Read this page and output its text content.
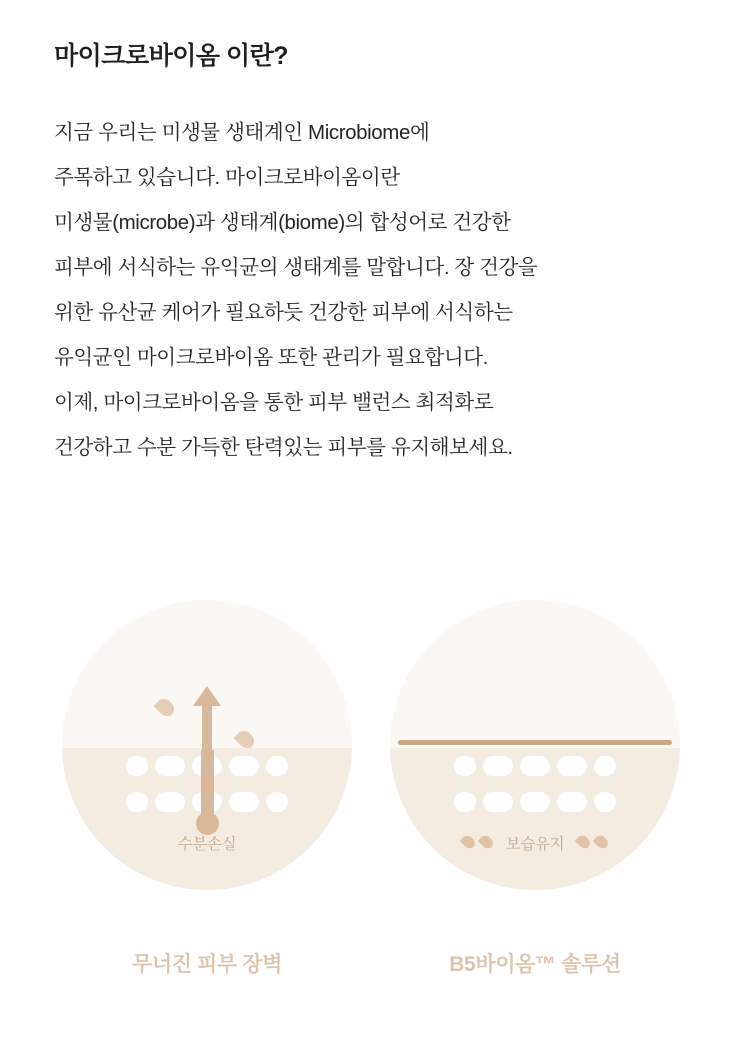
마이크로바이옴 이란?
지금 우리는 미생물 생태계인 Microbiome에
주목하고 있습니다. 마이크로바이옴이란
미생물(microbe)과 생태계(biome)의 합성어로 건강한
피부에 서식하는 유익균의 생태계를 말합니다. 장 건강을
위한 유산균 케어가 필요하듯 건강한 피부에 서식하는
유익균인 마이크로바이옴 또한 관리가 필요합니다.
이제, 마이크로바이옴을 통한 피부 밸런스 최적화로
건강하고 수분 가득한 탄력있는 피부를 유지해보세요.
수분손실
무너진 피부 장벽
보습유지
B5바이옴™ 솔루션
